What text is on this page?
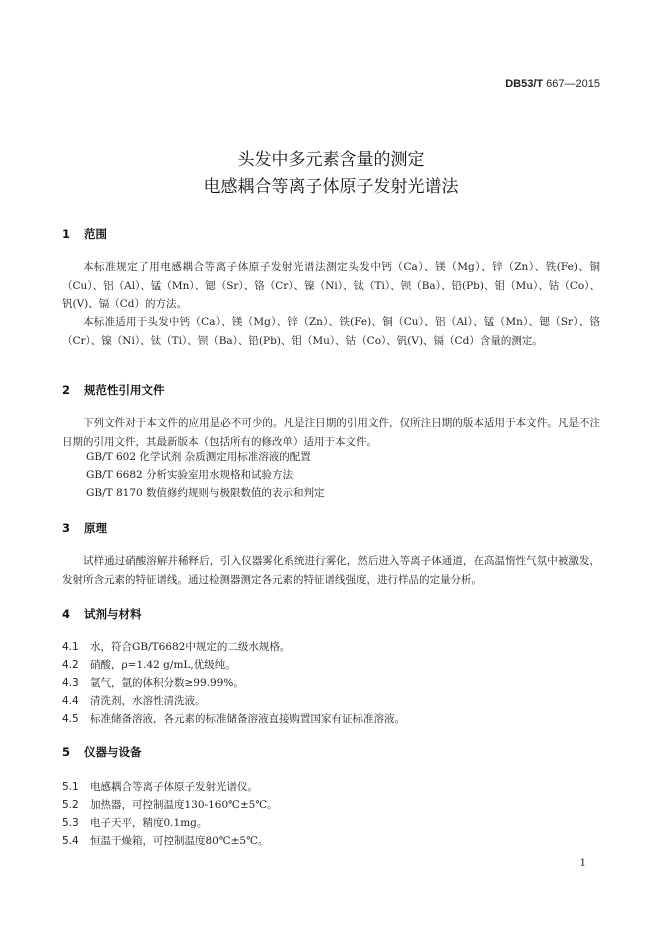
DB53/T 667—2015
头发中多元素含量的测定
电感耦合等离子体原子发射光谱法
1 范围

本标准规定了用电感耦合等离子体原子发射光谱法测定头发中钙（Ca）、镁（Mg）、锌（Zn）、铁(Fe)、铜（Cu）、铝（Al）、锰（Mn）、锶（Sr）、铬（Cr）、镍（Ni）、钛（Ti）、钡（Ba）、铅(Pb)、钼（Mu）、钴（Co）、钒(V)、镉（Cd）的方法。

本标准适用于头发中钙（Ca）、镁（Mg）、锌（Zn）、铁(Fe)、铜（Cu）、铝（Al）、锰（Mn）、锶（Sr）、铬（Cr）、镍（Ni）、钛（Ti）、钡（Ba）、铅(Pb)、钼（Mu）、钴（Co）、钒(V)、镉（Cd）含量的测定。

2 规范性引用文件

下列文件对于本文件的应用是必不可少的。凡是注日期的引用文件，仅所注日期的版本适用于本文件。凡是不注日期的引用文件，其最新版本（包括所有的修改单）适用于本文件。

GB/T 602 化学试剂 杂质测定用标准溶液的配置
GB/T 6682 分析实验室用水规格和试验方法
GB/T 8170 数值修约规则与极限数值的表示和判定
3 原理

试样通过硝酸溶解并稀释后，引入仪器雾化系统进行雾化，然后进入等离子体通道，在高温惰性气氛中被激发，发射所含元素的特征谱线。通过检测器测定各元素的特征谱线强度，进行样品的定量分析。

4 试剂与材料
4.1 水，符合GB/T6682中规定的二级水规格。
4.2 硝酸，ρ=1.42 g/mL,优级纯。
4.3 氩气，氩的体积分数≥99.99%。
4.4 清洗剂，水溶性清洗液。
4.5 标准储备溶液，各元素的标准储备溶液直接购置国家有证标准溶液。
5 仪器与设备
5.1 电感耦合等离子体原子发射光谱仪。
5.2 加热器，可控制温度130-160℃±5℃。
5.3 电子天平，精度0.1mg。
5.4 恒温干燥箱，可控制温度80℃±5℃。
1
